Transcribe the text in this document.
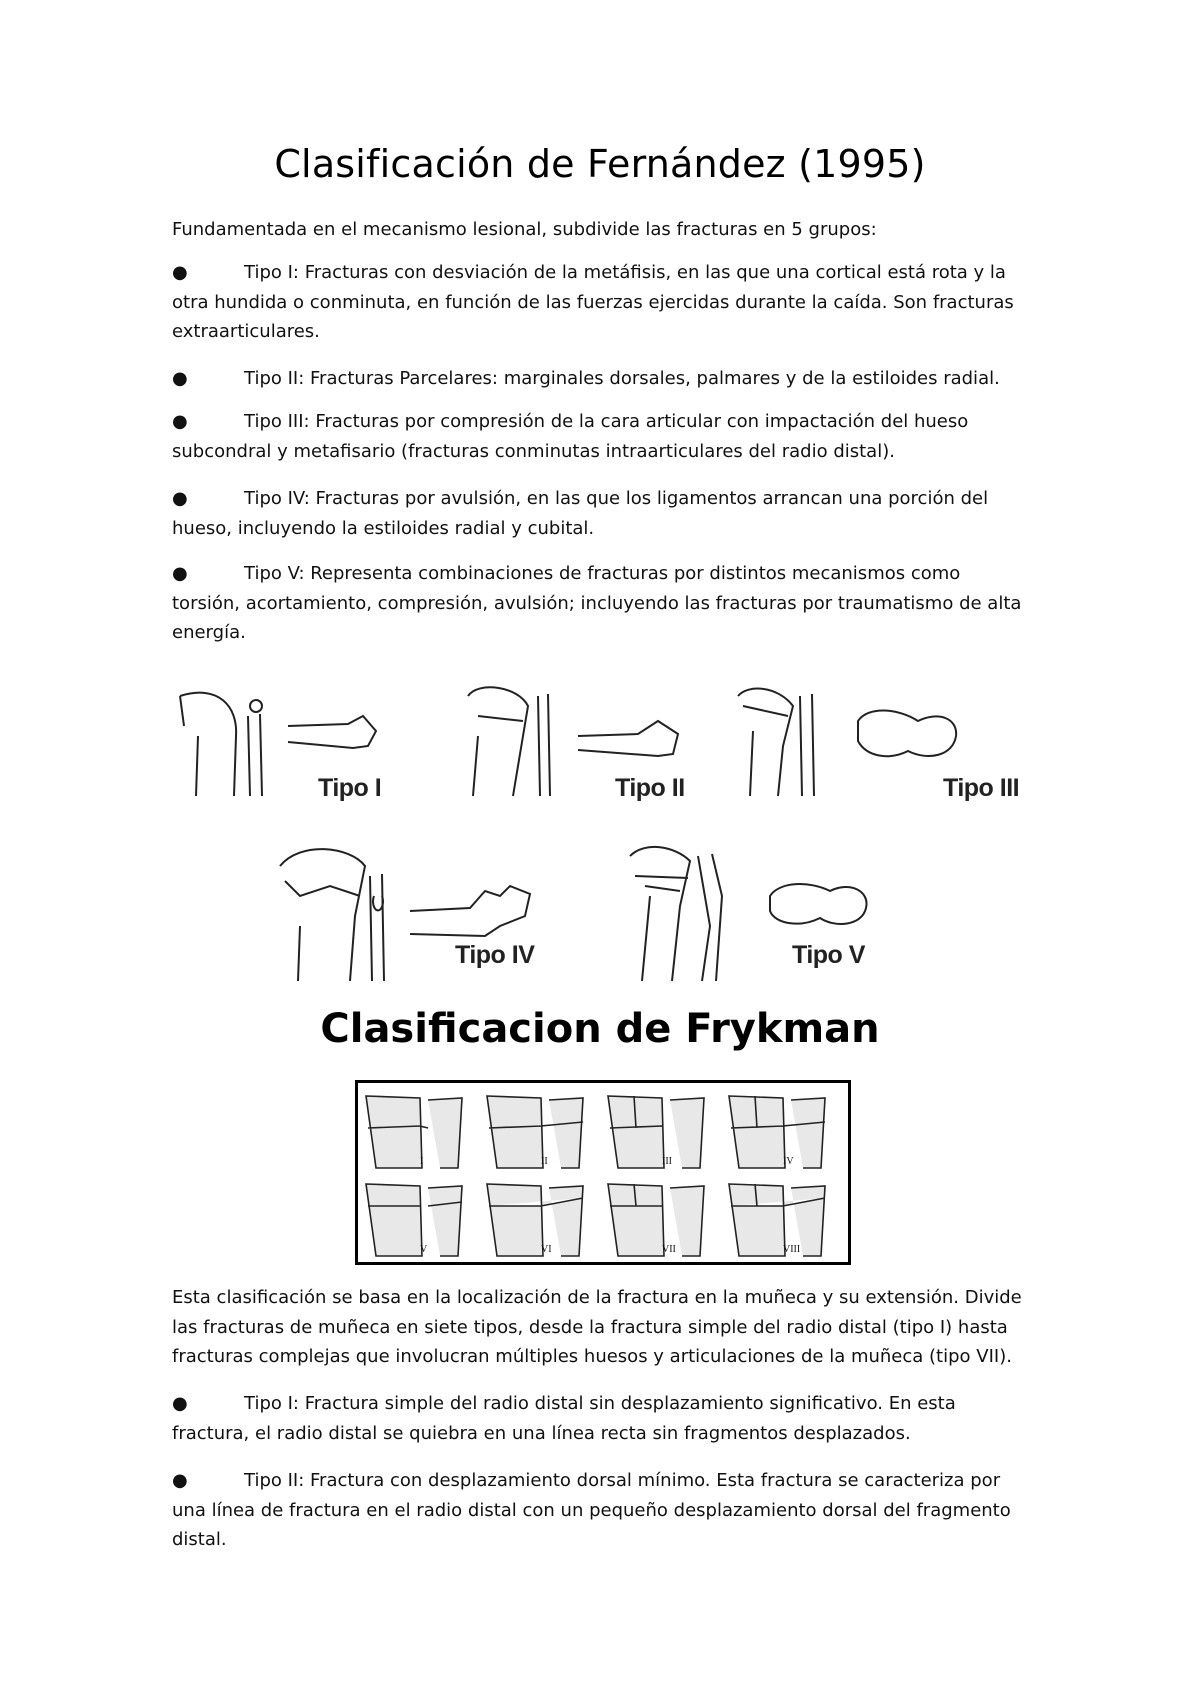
Clasificación de Fernández (1995)

Fundamentada en el mecanismo lesional, subdivide las fracturas en 5 grupos:

●	Tipo I: Fracturas con desviación de la metáfisis, en las que una cortical está rota y la otra hundida o conminuta, en función de las fuerzas ejercidas durante la caída. Son fracturas extraarticulares.

●	Tipo II: Fracturas Parcelares: marginales dorsales, palmares y de la estiloides radial.

●	Tipo III: Fracturas por compresión de la cara articular con impactación del hueso subcondral y metafisario (fracturas conminutas intraarticulares del radio distal).

●	Tipo IV: Fracturas por avulsión, en las que los ligamentos arrancan una porción del hueso, incluyendo la estiloides radial y cubital.

●	Tipo V: Representa combinaciones de fracturas por distintos mecanismos como torsión, acortamiento, compresión, avulsión; incluyendo las fracturas por traumatismo de alta energía.

Tipo I	Tipo II	Tipo III
Tipo IV	Tipo V
Clasificacion de Frykman
I	II	III	IV
V	VI	VII	VIII

Esta clasificación se basa en la localización de la fractura en la muñeca y su extensión. Divide las fracturas de muñeca en siete tipos, desde la fractura simple del radio distal (tipo I) hasta fracturas complejas que involucran múltiples huesos y articulaciones de la muñeca (tipo VII).

●	Tipo I: Fractura simple del radio distal sin desplazamiento significativo. En esta fractura, el radio distal se quiebra en una línea recta sin fragmentos desplazados.

●	Tipo II: Fractura con desplazamiento dorsal mínimo. Esta fractura se caracteriza por una línea de fractura en el radio distal con un pequeño desplazamiento dorsal del fragmento distal.
